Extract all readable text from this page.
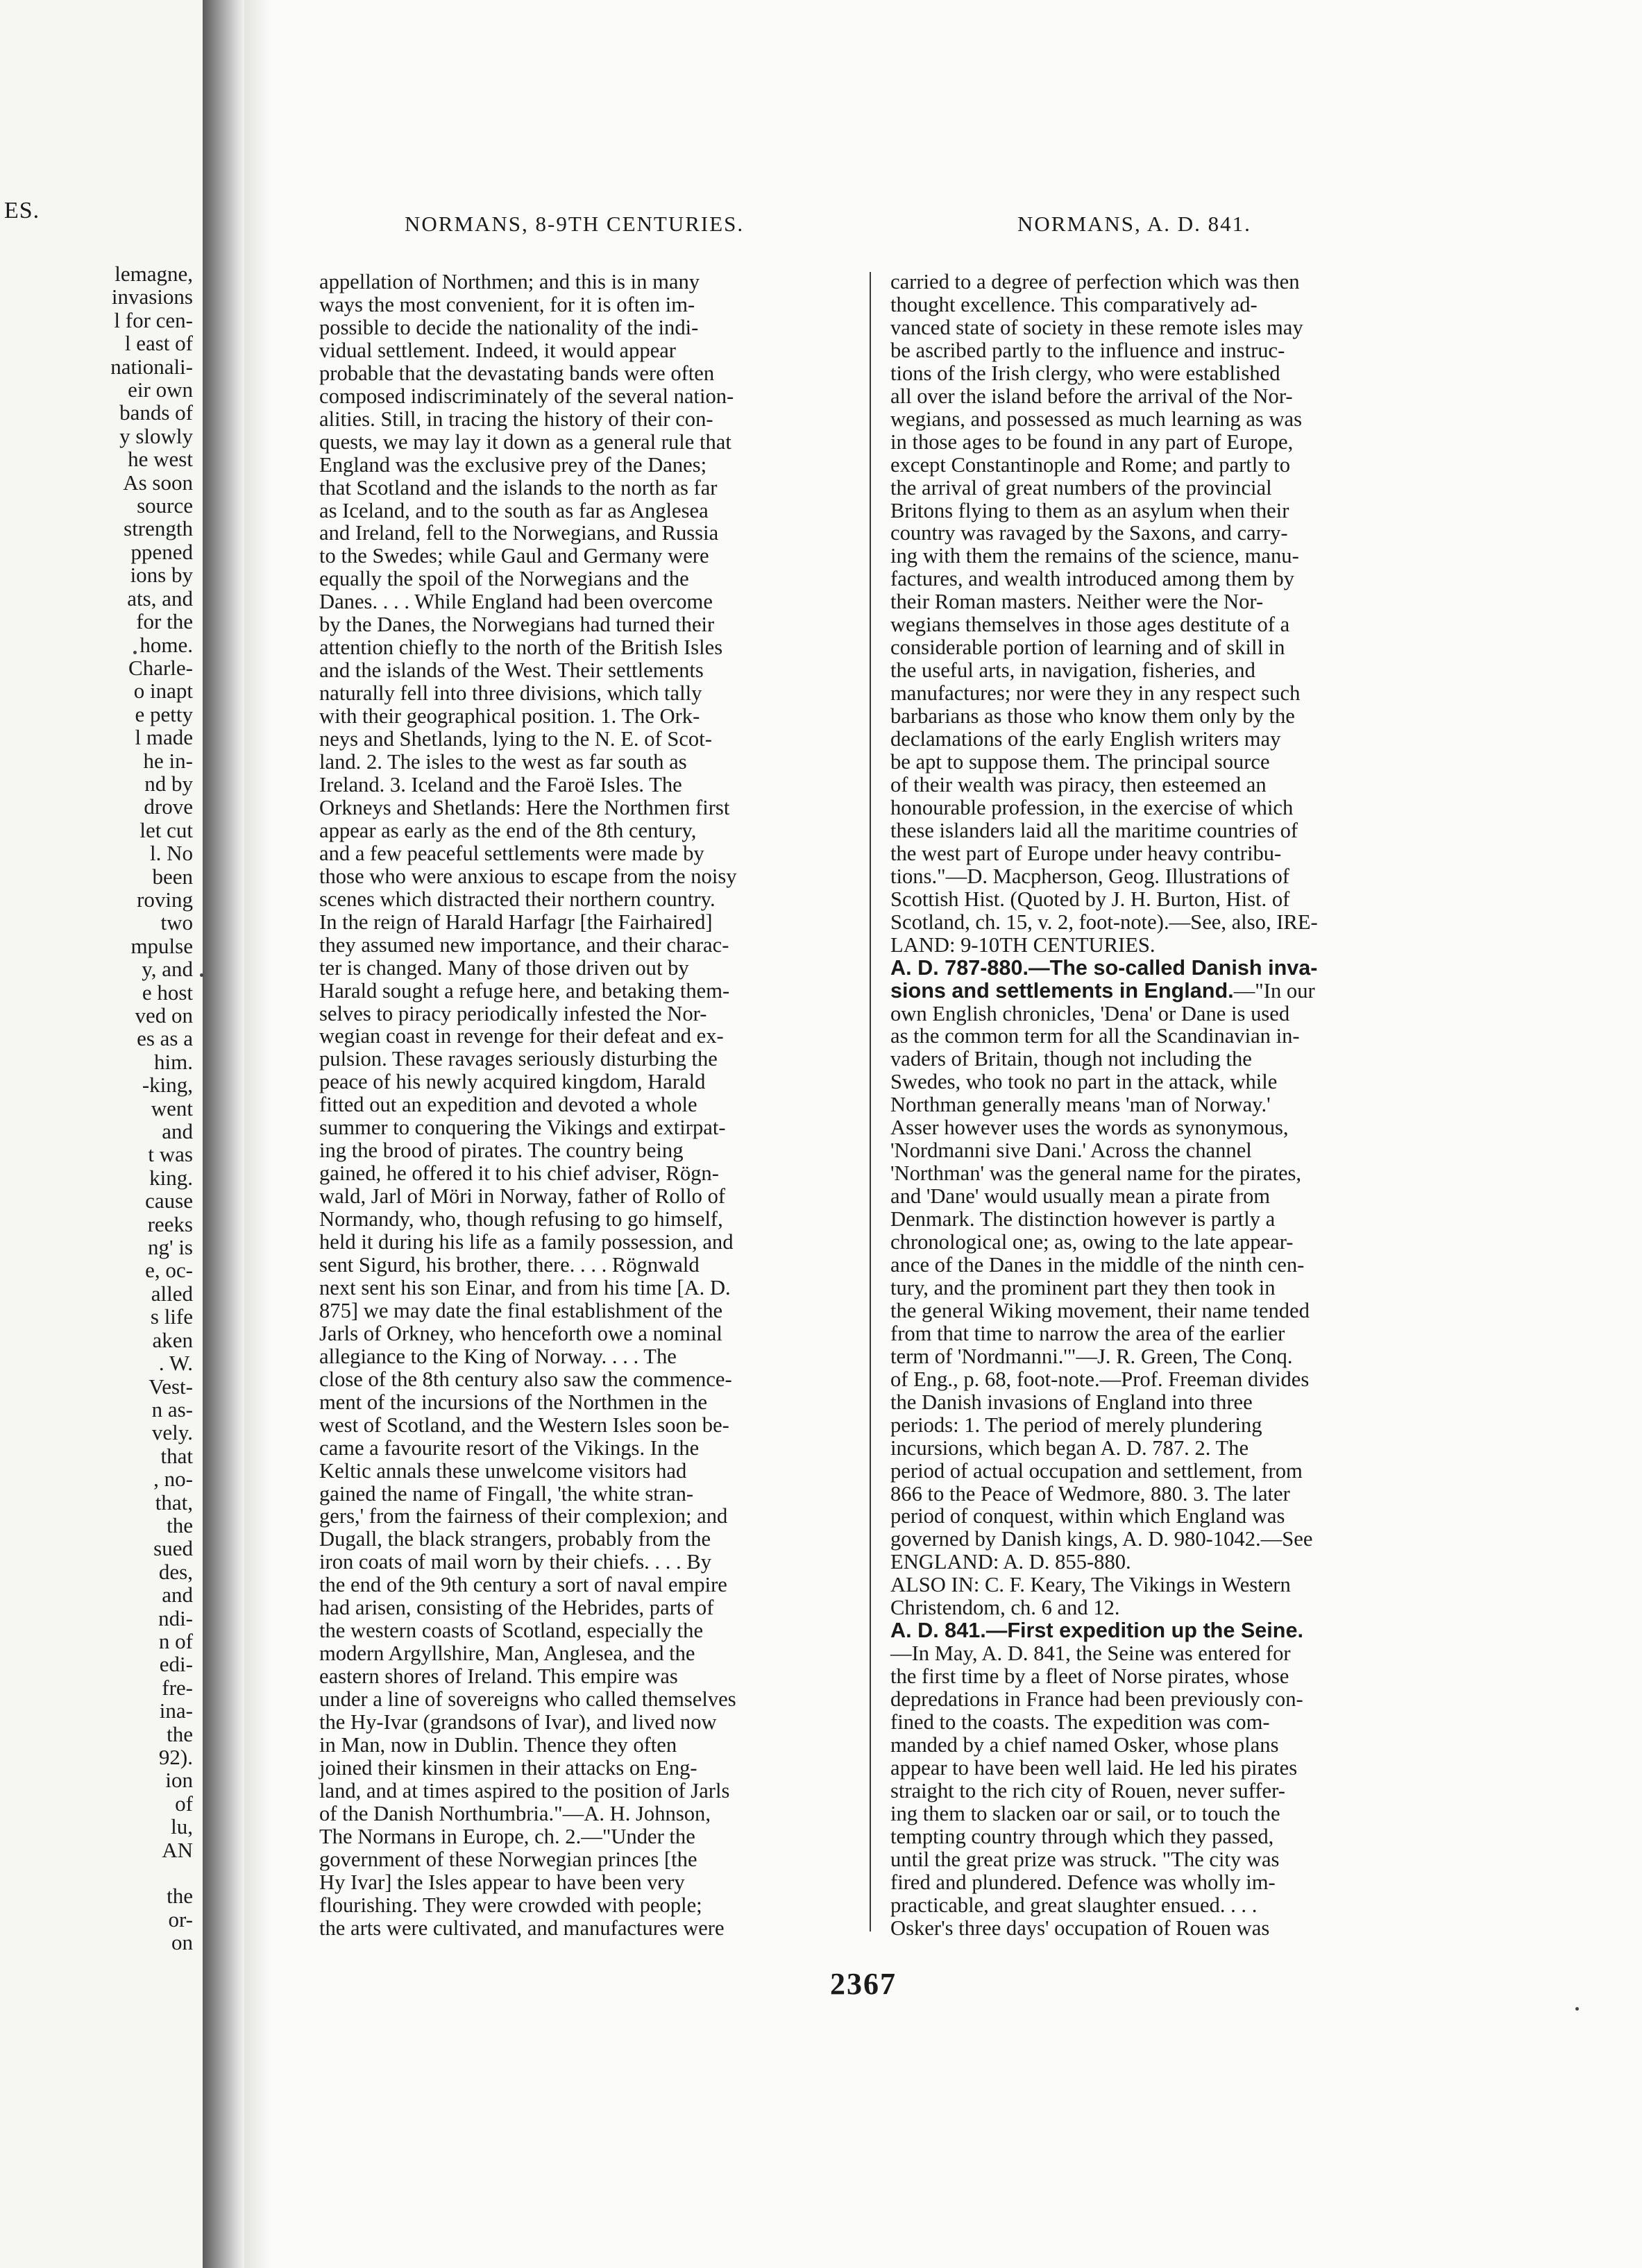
ES.
lemagne,
invasions
l for cen-
l east of
nationali-
eir own
bands of
y slowly
he west
As soon
source
strength
ppened
ions by
ats, and
for the
home.
Charle-
o inapt
e petty
l made
he in-
nd by
drove
let cut
l. No
been
roving
two
mpulse
y, and
e host
ved on
es as a
him.
-king,
went
and
t was
king.
cause
reeks
ng' is
e, oc-
alled
s life
aken
. W.
Vest-
n as-
vely.
that
, no-
that,
the
sued
des,
and
ndi-
n of
edi-
fre-
ina-
the
92).
ion
of
lu,
AN

the
or-
on
NORMANS, 8-9TH CENTURIES.	NORMANS, A. D. 841.

appellation of Northmen; and this is in many
ways the most convenient, for it is often im-
possible to decide the nationality of the indi-
vidual settlement. Indeed, it would appear
probable that the devastating bands were often
composed indiscriminately of the several nation-
alities. Still, in tracing the history of their con-
quests, we may lay it down as a general rule that
England was the exclusive prey of the Danes;
that Scotland and the islands to the north as far
as Iceland, and to the south as far as Anglesea
and Ireland, fell to the Norwegians, and Russia
to the Swedes; while Gaul and Germany were
equally the spoil of the Norwegians and the
Danes. . . . While England had been overcome
by the Danes, the Norwegians had turned their
attention chiefly to the north of the British Isles
and the islands of the West. Their settlements
naturally fell into three divisions, which tally
with their geographical position. 1. The Ork-
neys and Shetlands, lying to the N. E. of Scot-
land. 2. The isles to the west as far south as
Ireland. 3. Iceland and the Faroë Isles. The
Orkneys and Shetlands: Here the Northmen first
appear as early as the end of the 8th century,
and a few peaceful settlements were made by
those who were anxious to escape from the noisy
scenes which distracted their northern country.
In the reign of Harald Harfagr [the Fairhaired]
they assumed new importance, and their charac-
ter is changed. Many of those driven out by
Harald sought a refuge here, and betaking them-
selves to piracy periodically infested the Nor-
wegian coast in revenge for their defeat and ex-
pulsion. These ravages seriously disturbing the
peace of his newly acquired kingdom, Harald
fitted out an expedition and devoted a whole
summer to conquering the Vikings and extirpat-
ing the brood of pirates. The country being
gained, he offered it to his chief adviser, Rögn-
wald, Jarl of Möri in Norway, father of Rollo of
Normandy, who, though refusing to go himself,
held it during his life as a family possession, and
sent Sigurd, his brother, there. . . . Rögnwald
next sent his son Einar, and from his time [A. D.
875] we may date the final establishment of the
Jarls of Orkney, who henceforth owe a nominal
allegiance to the King of Norway. . . . The
close of the 8th century also saw the commence-
ment of the incursions of the Northmen in the
west of Scotland, and the Western Isles soon be-
came a favourite resort of the Vikings. In the
Keltic annals these unwelcome visitors had
gained the name of Fingall, 'the white stran-
gers,' from the fairness of their complexion; and
Dugall, the black strangers, probably from the
iron coats of mail worn by their chiefs. . . . By
the end of the 9th century a sort of naval empire
had arisen, consisting of the Hebrides, parts of
the western coasts of Scotland, especially the
modern Argyllshire, Man, Anglesea, and the
eastern shores of Ireland. This empire was
under a line of sovereigns who called themselves
the Hy-Ivar (grandsons of Ivar), and lived now
in Man, now in Dublin. Thence they often
joined their kinsmen in their attacks on Eng-
land, and at times aspired to the position of Jarls
of the Danish Northumbria."—A. H. Johnson,
The Normans in Europe, ch. 2.—"Under the
government of these Norwegian princes [the
Hy Ivar] the Isles appear to have been very
flourishing. They were crowded with people;
the arts were cultivated, and manufactures were

carried to a degree of perfection which was then
thought excellence. This comparatively ad-
vanced state of society in these remote isles may
be ascribed partly to the influence and instruc-
tions of the Irish clergy, who were established
all over the island before the arrival of the Nor-
wegians, and possessed as much learning as was
in those ages to be found in any part of Europe,
except Constantinople and Rome; and partly to
the arrival of great numbers of the provincial
Britons flying to them as an asylum when their
country was ravaged by the Saxons, and carry-
ing with them the remains of the science, manu-
factures, and wealth introduced among them by
their Roman masters. Neither were the Nor-
wegians themselves in those ages destitute of a
considerable portion of learning and of skill in
the useful arts, in navigation, fisheries, and
manufactures; nor were they in any respect such
barbarians as those who know them only by the
declamations of the early English writers may
be apt to suppose them. The principal source
of their wealth was piracy, then esteemed an
honourable profession, in the exercise of which
these islanders laid all the maritime countries of
the west part of Europe under heavy contribu-
tions."—D. Macpherson, Geog. Illustrations of
Scottish Hist. (Quoted by J. H. Burton, Hist. of
Scotland, ch. 15, v. 2, foot-note).—See, also, IRE-
LAND: 9-10TH CENTURIES.

A. D. 787-880.—The so-called Danish inva-
sions and settlements in England.—"In our

own English chronicles, 'Dena' or Dane is used
as the common term for all the Scandinavian in-
vaders of Britain, though not including the
Swedes, who took no part in the attack, while
Northman generally means 'man of Norway.'
Asser however uses the words as synonymous,
'Nordmanni sive Dani.' Across the channel
'Northman' was the general name for the pirates,
and 'Dane' would usually mean a pirate from
Denmark. The distinction however is partly a
chronological one; as, owing to the late appear-
ance of the Danes in the middle of the ninth cen-
tury, and the prominent part they then took in
the general Wiking movement, their name tended
from that time to narrow the area of the earlier
term of 'Nordmanni.'"—J. R. Green, The Conq.
of Eng., p. 68, foot-note.—Prof. Freeman divides
the Danish invasions of England into three
periods: 1. The period of merely plundering
incursions, which began A. D. 787. 2. The
period of actual occupation and settlement, from
866 to the Peace of Wedmore, 880. 3. The later
period of conquest, within which England was
governed by Danish kings, A. D. 980-1042.—See
ENGLAND: A. D. 855-880.

ALSO IN: C. F. Keary, The Vikings in Western
Christendom, ch. 6 and 12.
A. D. 841.—First expedition up the Seine.

—In May, A. D. 841, the Seine was entered for
the first time by a fleet of Norse pirates, whose
depredations in France had been previously con-
fined to the coasts. The expedition was com-
manded by a chief named Osker, whose plans
appear to have been well laid. He led his pirates
straight to the rich city of Rouen, never suffer-
ing them to slacken oar or sail, or to touch the
tempting country through which they passed,
until the great prize was struck. "The city was
fired and plundered. Defence was wholly im-
practicable, and great slaughter ensued. . . .
Osker's three days' occupation of Rouen was

2367
